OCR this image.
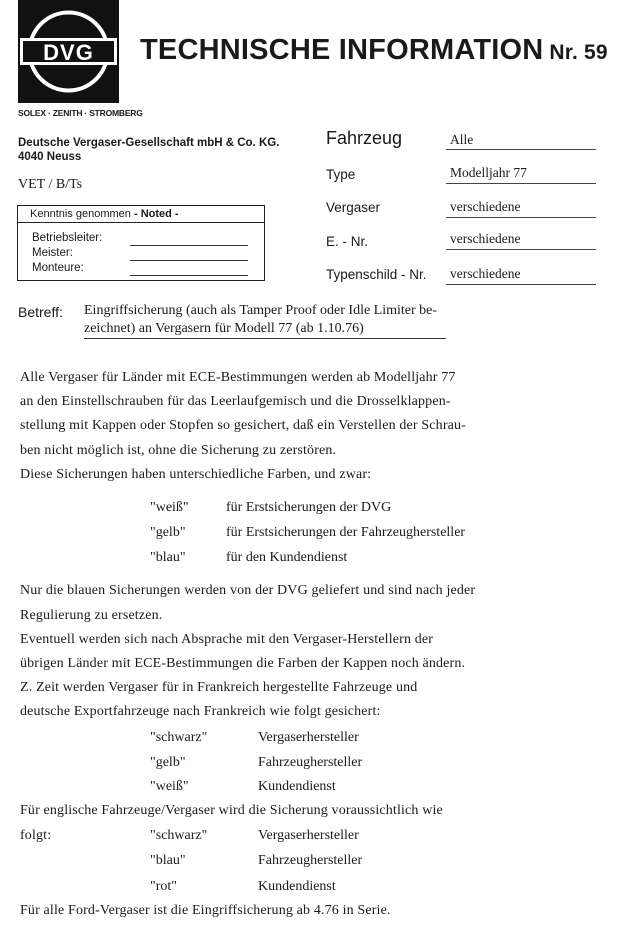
DVG
SOLEX · ZENITH · STROMBERG
TECHNISCHE INFORMATION Nr. 59
Deutsche Vergaser-Gesellschaft mbH & Co. KG.
4040 Neuss
VET / B/Ts
Kenntnis genommen - Noted -
Betriebsleiter:
Meister:
Monteure:
Fahrzeug	Alle
Type	Modelljahr 77
Vergaser	verschiedene
E. - Nr.	verschiedene
Typenschild - Nr. verschiedene
Betreff: Eingriffsicherung (auch als Tamper Proof oder Idle Limiter be-
zeichnet) an Vergasern für Modell 77 (ab 1.10.76)
Alle Vergaser für Länder mit ECE-Bestimmungen werden ab Modelljahr 77
an den Einstellschrauben für das Leerlaufgemisch und die Drosselklappen-
stellung mit Kappen oder Stopfen so gesichert, daß ein Verstellen der Schrau-
ben nicht möglich ist, ohne die Sicherung zu zerstören.
Diese Sicherungen haben unterschiedliche Farben, und zwar:
"weiß"	für Erstsicherungen der DVG
"gelb"	für Erstsicherungen der Fahrzeughersteller
"blau"	für den Kundendienst
Nur die blauen Sicherungen werden von der DVG geliefert und sind nach jeder
Regulierung zu ersetzen.
Eventuell werden sich nach Absprache mit den Vergaser-Herstellern der
übrigen Länder mit ECE-Bestimmungen die Farben der Kappen noch ändern.
Z. Zeit werden Vergaser für in Frankreich hergestellte Fahrzeuge und
deutsche Exportfahrzeuge nach Frankreich wie folgt gesichert:
"schwarz"	Vergaserhersteller
"gelb"	Fahrzeughersteller
"weiß"	Kundendienst
Für englische Fahrzeuge/Vergaser wird die Sicherung voraussichtlich wie
folgt:	"schwarz"	Vergaserhersteller
"blau"	Fahrzeughersteller
"rot"	Kundendienst
Für alle Ford-Vergaser ist die Eingriffsicherung ab 4.76 in Serie.
